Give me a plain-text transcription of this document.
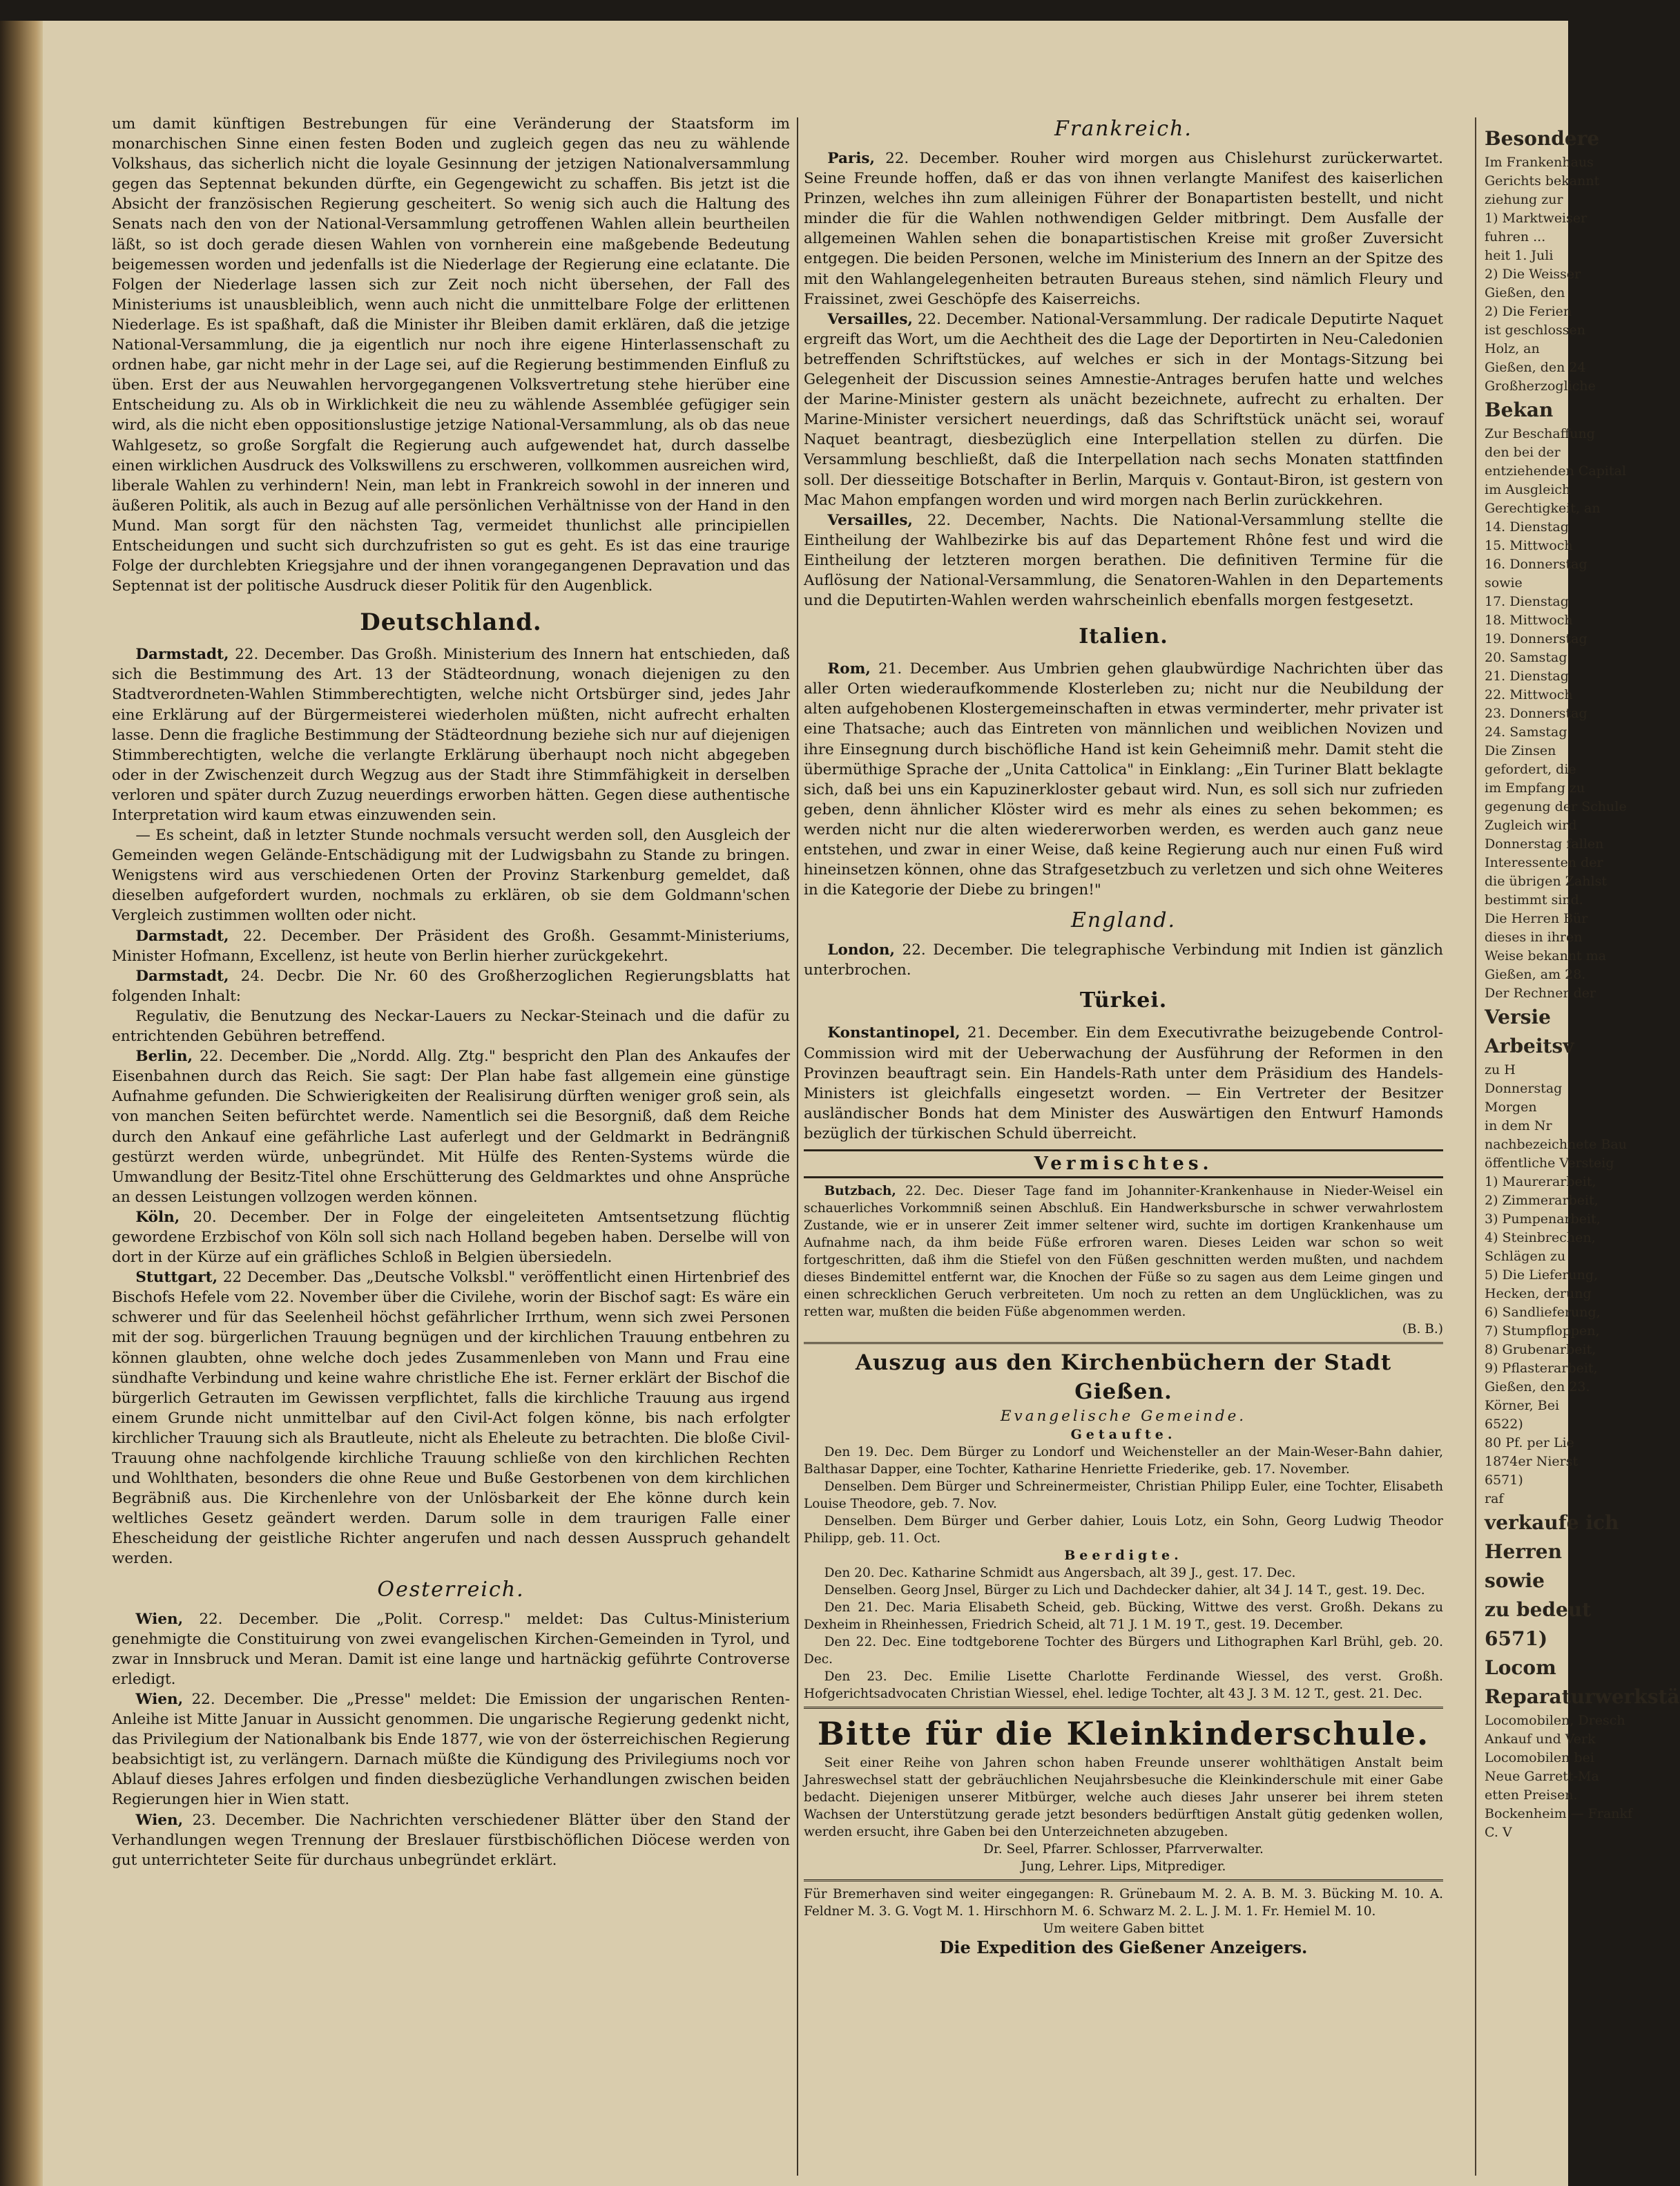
um damit künftigen Bestrebungen für eine Veränderung der Staatsform im monarchischen Sinne einen festen Boden und zugleich gegen das neu zu wählende Volkshaus, das sicherlich nicht die loyale Gesinnung der jetzigen Nationalversammlung gegen das Septennat bekunden dürfte, ein Gegengewicht zu schaffen. Bis jetzt ist die Absicht der französischen Regierung gescheitert. So wenig sich auch die Haltung des Senats nach den von der National-Versammlung getroffenen Wahlen allein beurtheilen läßt, so ist doch gerade diesen Wahlen von vornherein eine maßgebende Bedeutung beigemessen worden und jedenfalls ist die Niederlage der Regierung eine eclatante. Die Folgen der Niederlage lassen sich zur Zeit noch nicht übersehen, der Fall des Ministeriums ist unausbleiblich, wenn auch nicht die unmittelbare Folge der erlittenen Niederlage. Es ist spaßhaft, daß die Minister ihr Bleiben damit erklären, daß die jetzige National-Versammlung, die ja eigentlich nur noch ihre eigene Hinterlassenschaft zu ordnen habe, gar nicht mehr in der Lage sei, auf die Regierung bestimmenden Einfluß zu üben. Erst der aus Neuwahlen hervorgegangenen Volksvertretung stehe hierüber eine Entscheidung zu. Als ob in Wirklichkeit die neu zu wählende Assemblée gefügiger sein wird, als die nicht eben oppositionslustige jetzige National-Versammlung, als ob das neue Wahlgesetz, so große Sorgfalt die Regierung auch aufgewendet hat, durch dasselbe einen wirklichen Ausdruck des Volkswillens zu erschweren, vollkommen ausreichen wird, liberale Wahlen zu verhindern! Nein, man lebt in Frankreich sowohl in der inneren und äußeren Politik, als auch in Bezug auf alle persönlichen Verhältnisse von der Hand in den Mund. Man sorgt für den nächsten Tag, vermeidet thunlichst alle principiellen Entscheidungen und sucht sich durchzufristen so gut es geht. Es ist das eine traurige Folge der durchlebten Kriegsjahre und der ihnen vorangegangenen Depravation und das Septennat ist der politische Ausdruck dieser Politik für den Augenblick.

Deutschland.

Darmstadt, 22. December. Das Großh. Ministerium des Innern hat entschieden, daß sich die Bestimmung des Art. 13 der Städteordnung, wonach diejenigen zu den Stadtverordneten-Wahlen Stimmberechtigten, welche nicht Ortsbürger sind, jedes Jahr eine Erklärung auf der Bürgermeisterei wiederholen müßten, nicht aufrecht erhalten lasse. Denn die fragliche Bestimmung der Städteordnung beziehe sich nur auf diejenigen Stimmberechtigten, welche die verlangte Erklärung überhaupt noch nicht abgegeben oder in der Zwischenzeit durch Wegzug aus der Stadt ihre Stimmfähigkeit in derselben verloren und später durch Zuzug neuerdings erworben hätten. Gegen diese authentische Interpretation wird kaum etwas einzuwenden sein.

— Es scheint, daß in letzter Stunde nochmals versucht werden soll, den Ausgleich der Gemeinden wegen Gelände-Entschädigung mit der Ludwigsbahn zu Stande zu bringen. Wenigstens wird aus verschiedenen Orten der Provinz Starkenburg gemeldet, daß dieselben aufgefordert wurden, nochmals zu erklären, ob sie dem Goldmann'schen Vergleich zustimmen wollten oder nicht.

Darmstadt, 22. December. Der Präsident des Großh. Gesammt-Ministeriums, Minister Hofmann, Excellenz, ist heute von Berlin hierher zurückgekehrt.

Darmstadt, 24. Decbr. Die Nr. 60 des Großherzoglichen Regierungsblatts hat folgenden Inhalt:

Regulativ, die Benutzung des Neckar-Lauers zu Neckar-Steinach und die dafür zu entrichtenden Gebühren betreffend.

Berlin, 22. December. Die „Nordd. Allg. Ztg." bespricht den Plan des Ankaufes der Eisenbahnen durch das Reich. Sie sagt: Der Plan habe fast allgemein eine günstige Aufnahme gefunden. Die Schwierigkeiten der Realisirung dürften weniger groß sein, als von manchen Seiten befürchtet werde. Namentlich sei die Besorgniß, daß dem Reiche durch den Ankauf eine gefährliche Last auferlegt und der Geldmarkt in Bedrängniß gestürzt werden würde, unbegründet. Mit Hülfe des Renten-Systems würde die Umwandlung der Besitz-Titel ohne Erschütterung des Geldmarktes und ohne Ansprüche an dessen Leistungen vollzogen werden können.

Köln, 20. December. Der in Folge der eingeleiteten Amtsentsetzung flüchtig gewordene Erzbischof von Köln soll sich nach Holland begeben haben. Derselbe will von dort in der Kürze auf ein gräfliches Schloß in Belgien übersiedeln.

Stuttgart, 22 December. Das „Deutsche Volksbl." veröffentlicht einen Hirtenbrief des Bischofs Hefele vom 22. November über die Civilehe, worin der Bischof sagt: Es wäre ein schwerer und für das Seelenheil höchst gefährlicher Irrthum, wenn sich zwei Personen mit der sog. bürgerlichen Trauung begnügen und der kirchlichen Trauung entbehren zu können glaubten, ohne welche doch jedes Zusammenleben von Mann und Frau eine sündhafte Verbindung und keine wahre christliche Ehe ist. Ferner erklärt der Bischof die bürgerlich Getrauten im Gewissen verpflichtet, falls die kirchliche Trauung aus irgend einem Grunde nicht unmittelbar auf den Civil-Act folgen könne, bis nach erfolgter kirchlicher Trauung sich als Brautleute, nicht als Eheleute zu betrachten. Die bloße Civil-Trauung ohne nachfolgende kirchliche Trauung schließe von den kirchlichen Rechten und Wohlthaten, besonders die ohne Reue und Buße Gestorbenen von dem kirchlichen Begräbniß aus. Die Kirchenlehre von der Unlösbarkeit der Ehe könne durch kein weltliches Gesetz geändert werden. Darum solle in dem traurigen Falle einer Ehescheidung der geistliche Richter angerufen und nach dessen Ausspruch gehandelt werden.

Oesterreich.

Wien, 22. December. Die „Polit. Corresp." meldet: Das Cultus-Ministerium genehmigte die Constituirung von zwei evangelischen Kirchen-Gemeinden in Tyrol, und zwar in Innsbruck und Meran. Damit ist eine lange und hartnäckig geführte Controverse erledigt.

Wien, 22. December. Die „Presse" meldet: Die Emission der ungarischen Renten-Anleihe ist Mitte Januar in Aussicht genommen. Die ungarische Regierung gedenkt nicht, das Privilegium der Nationalbank bis Ende 1877, wie von der österreichischen Regierung beabsichtigt ist, zu verlängern. Darnach müßte die Kündigung des Privilegiums noch vor Ablauf dieses Jahres erfolgen und finden diesbezügliche Verhandlungen zwischen beiden Regierungen hier in Wien statt.

Wien, 23. December. Die Nachrichten verschiedener Blätter über den Stand der Verhandlungen wegen Trennung der Breslauer fürstbischöflichen Diöcese werden von gut unterrichteter Seite für durchaus unbegründet erklärt.

Frankreich.

Paris, 22. December. Rouher wird morgen aus Chislehurst zurückerwartet. Seine Freunde hoffen, daß er das von ihnen verlangte Manifest des kaiserlichen Prinzen, welches ihn zum alleinigen Führer der Bonapartisten bestellt, und nicht minder die für die Wahlen nothwendigen Gelder mitbringt. Dem Ausfalle der allgemeinen Wahlen sehen die bonapartistischen Kreise mit großer Zuversicht entgegen. Die beiden Personen, welche im Ministerium des Innern an der Spitze des mit den Wahlangelegenheiten betrauten Bureaus stehen, sind nämlich Fleury und Fraissinet, zwei Geschöpfe des Kaiserreichs.

Versailles, 22. December. National-Versammlung. Der radicale Deputirte Naquet ergreift das Wort, um die Aechtheit des die Lage der Deportirten in Neu-Caledonien betreffenden Schriftstückes, auf welches er sich in der Montags-Sitzung bei Gelegenheit der Discussion seines Amnestie-Antrages berufen hatte und welches der Marine-Minister gestern als unächt bezeichnete, aufrecht zu erhalten. Der Marine-Minister versichert neuerdings, daß das Schriftstück unächt sei, worauf Naquet beantragt, diesbezüglich eine Interpellation stellen zu dürfen. Die Versammlung beschließt, daß die Interpellation nach sechs Monaten stattfinden soll. Der diesseitige Botschafter in Berlin, Marquis v. Gontaut-Biron, ist gestern von Mac Mahon empfangen worden und wird morgen nach Berlin zurückkehren.

Versailles, 22. December, Nachts. Die National-Versammlung stellte die Eintheilung der Wahlbezirke bis auf das Departement Rhône fest und wird die Eintheilung der letzteren morgen berathen. Die definitiven Termine für die Auflösung der National-Versammlung, die Senatoren-Wahlen in den Departements und die Deputirten-Wahlen werden wahrscheinlich ebenfalls morgen festgesetzt.

Italien.

Rom, 21. December. Aus Umbrien gehen glaubwürdige Nachrichten über das aller Orten wiederaufkommende Klosterleben zu; nicht nur die Neubildung der alten aufgehobenen Klostergemeinschaften in etwas verminderter, mehr privater ist eine Thatsache; auch das Eintreten von männlichen und weiblichen Novizen und ihre Einsegnung durch bischöfliche Hand ist kein Geheimniß mehr. Damit steht die übermüthige Sprache der „Unita Cattolica" in Einklang: „Ein Turiner Blatt beklagte sich, daß bei uns ein Kapuzinerkloster gebaut wird. Nun, es soll sich nur zufrieden geben, denn ähnlicher Klöster wird es mehr als eines zu sehen bekommen; es werden nicht nur die alten wiedererworben werden, es werden auch ganz neue entstehen, und zwar in einer Weise, daß keine Regierung auch nur einen Fuß wird hineinsetzen können, ohne das Strafgesetzbuch zu verletzen und sich ohne Weiteres in die Kategorie der Diebe zu bringen!"

England.

London, 22. December. Die telegraphische Verbindung mit Indien ist gänzlich unterbrochen.

Türkei.

Konstantinopel, 21. December. Ein dem Executivrathe beizugebende Control-Commission wird mit der Ueberwachung der Ausführung der Reformen in den Provinzen beauftragt sein. Ein Handels-Rath unter dem Präsidium des Handels-Ministers ist gleichfalls eingesetzt worden. — Ein Vertreter der Besitzer ausländischer Bonds hat dem Minister des Auswärtigen den Entwurf Hamonds bezüglich der türkischen Schuld überreicht.

Vermischtes.

Butzbach, 22. Dec. Dieser Tage fand im Johanniter-Krankenhause in Nieder-Weisel ein schauerliches Vorkommniß seinen Abschluß. Ein Handwerksbursche in schwer verwahrlostem Zustande, wie er in unserer Zeit immer seltener wird, suchte im dortigen Krankenhause um Aufnahme nach, da ihm beide Füße erfroren waren. Dieses Leiden war schon so weit fortgeschritten, daß ihm die Stiefel von den Füßen geschnitten werden mußten, und nachdem dieses Bindemittel entfernt war, die Knochen der Füße so zu sagen aus dem Leime gingen und einen schrecklichen Geruch verbreiteten. Um noch zu retten an dem Unglücklichen, was zu retten war, mußten die beiden Füße abgenommen werden.

(B. B.)
Auszug aus den Kirchenbüchern der Stadt Gießen.
Evangelische Gemeinde.
Getaufte.

Den 19. Dec. Dem Bürger zu Londorf und Weichensteller an der Main-Weser-Bahn dahier, Balthasar Dapper, eine Tochter, Katharine Henriette Friederike, geb. 17. November.

Denselben. Dem Bürger und Schreinermeister, Christian Philipp Euler, eine Tochter, Elisabeth Louise Theodore, geb. 7. Nov.

Denselben. Dem Bürger und Gerber dahier, Louis Lotz, ein Sohn, Georg Ludwig Theodor Philipp, geb. 11. Oct.

Beerdigte.

Den 20. Dec. Katharine Schmidt aus Angersbach, alt 39 J., gest. 17. Dec.

Denselben. Georg Jnsel, Bürger zu Lich und Dachdecker dahier, alt 34 J. 14 T., gest. 19. Dec.

Den 21. Dec. Maria Elisabeth Scheid, geb. Bücking, Wittwe des verst. Großh. Dekans zu Dexheim in Rheinhessen, Friedrich Scheid, alt 71 J. 1 M. 19 T., gest. 19. December.

Den 22. Dec. Eine todtgeborene Tochter des Bürgers und Lithographen Karl Brühl, geb. 20. Dec.

Den 23. Dec. Emilie Lisette Charlotte Ferdinande Wiessel, des verst. Großh. Hofgerichtsadvocaten Christian Wiessel, ehel. ledige Tochter, alt 43 J. 3 M. 12 T., gest. 21. Dec.

Bitte für die Kleinkinderschule.

Seit einer Reihe von Jahren schon haben Freunde unserer wohlthätigen Anstalt beim Jahreswechsel statt der gebräuchlichen Neujahrsbesuche die Kleinkinderschule mit einer Gabe bedacht. Diejenigen unserer Mitbürger, welche auch dieses Jahr unserer bei ihrem steten Wachsen der Unterstützung gerade jetzt besonders bedürftigen Anstalt gütig gedenken wollen, werden ersucht, ihre Gaben bei den Unterzeichneten abzugeben.

Dr. Seel, Pfarrer. Schlosser, Pfarrverwalter.
Jung, Lehrer. Lips, Mitprediger.

Für Bremerhaven sind weiter eingegangen: R. Grünebaum M. 2. A. B. M. 3. Bücking M. 10. A. Feldner M. 3. G. Vogt M. 1. Hirschhorn M. 6. Schwarz M. 2. L. J. M. 1. Fr. Hemiel M. 10.

Um weitere Gaben bittet
Die Expedition des Gießener Anzeigers.
Besondere
Im Frankenhaus
Gerichts bekannt
ziehung zur
1) Marktweiser
fuhren ...
heit 1. Juli
2) Die Weisser
Gießen, den
2) Die Ferien
ist geschlossen
Holz, an
Gießen, den 24
Großherzogliche
Bekan
Zur Beschaffung
den bei der
entziehenden Capital
im Ausgleich
Gerechtigkeit, an
14. Dienstag
15. Mittwoch
16. Donnerstag
sowie
17. Dienstag
18. Mittwoch
19. Donnerstag
20. Samstag
21. Dienstag
22. Mittwoch
23. Donnerstag
24. Samstag
Die Zinsen
gefordert, die
im Empfang zu
gegenung der Schule
Zugleich wird
Donnerstag fallen
Interessenten der
die übrigen Zahlst
bestimmt sind.
Die Herren Bür
dieses in ihren
Weise bekannt ma
Gießen, am 28.
Der Rechner der
Versie
Arbeitsv
zu H
Donnerstag
Morgen
in dem Nr
nachbezeichnete Bau
öffentliche Versteig
1) Maurerarbeit,
2) Zimmerarbeit,
3) Pumpenarbeit,
4) Steinbrechen,
Schlägen zu
5) Die Lieferung,
Hecken, derung
6) Sandlieferung,
7) Stumpfloppen,
8) Grubenarbeit,
9) Pflasterarbeit,
Gießen, den 23.
Körner, Bei
6522)
80 Pf. per Lie
1874er Nierst
6571)
raf
verkaufe ich
Herren
sowie
zu bedeut
6571)
Locom
Reparaturwerkstä
Locomobilen, Dresch
Ankauf und Verk
Locomobilen bei
Neue Garrett-Ma
etten Preisen.
Bockenheim — Frankf
C. V
